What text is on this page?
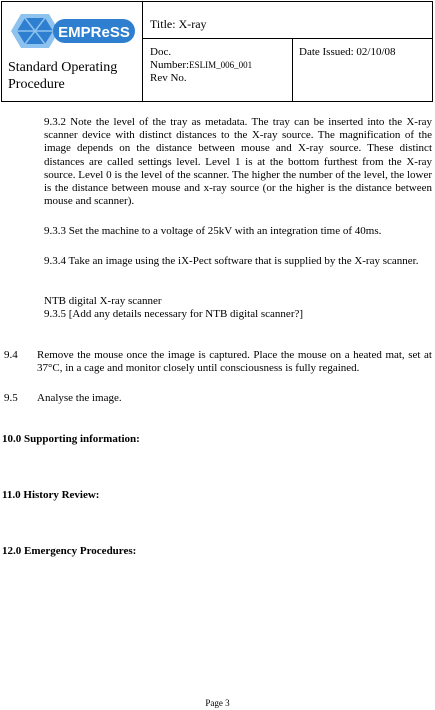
EMPReSS
Standard Operating Procedure
Title: X-ray
Doc.
Number:ESLIM_006_001
Rev No.
Date Issued: 02/10/08
9.3.2 Note the level of the tray as metadata. The tray can be inserted into the X-ray scanner device with distinct distances to the X-ray source. The magnification of the image depends on the distance between mouse and X-ray source. These distinct distances are called settings level. Level 1 is at the bottom furthest from the X-ray source. Level 0 is the level of the scanner. The higher the number of the level, the lower is the distance between mouse and x-ray source (or the higher is the distance between mouse and scanner).
9.3.3 Set the machine to a voltage of 25kV with an integration time of 40ms.
9.3.4 Take an image using the iX-Pect software that is supplied by the X-ray scanner.
NTB digital X-ray scanner
9.3.5 [Add any details necessary for NTB digital scanner?]
9.4 Remove the mouse once the image is captured. Place the mouse on a heated mat, set at 37°C, in a cage and monitor closely until consciousness is fully regained.
9.5 Analyse the image.
10.0 Supporting information:
11.0 History Review:
12.0 Emergency Procedures:
Page 3
